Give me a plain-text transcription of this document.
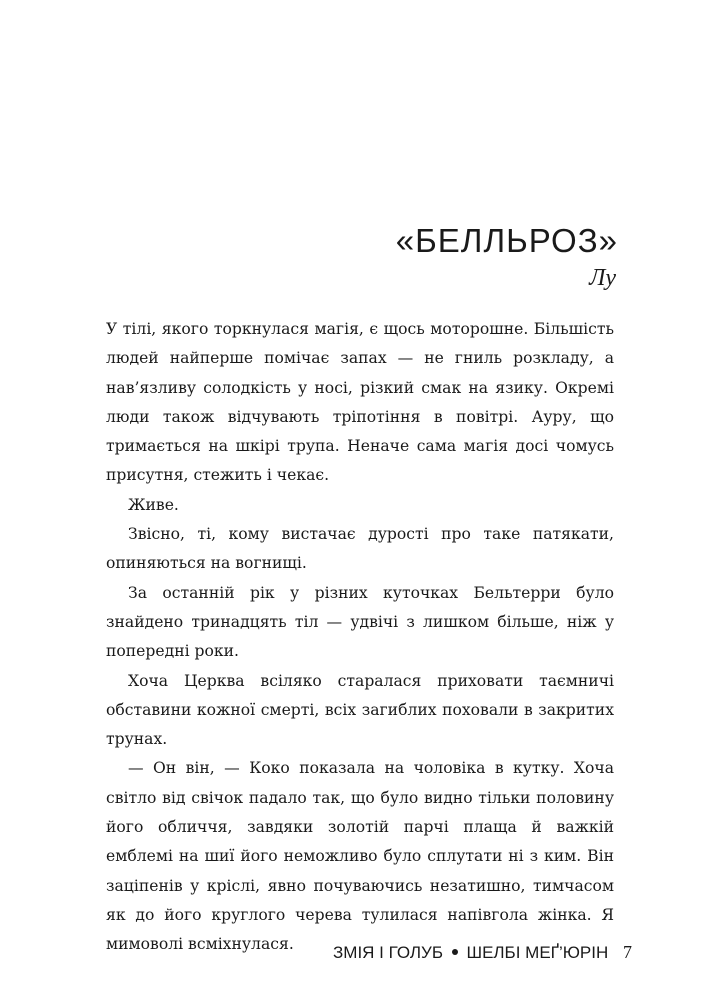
«БЕЛЛЬРОЗ»
Лу

У тілі, якого торкнулася магія, є щось моторошне. Більшість людей найперше помічає запах — не гниль розкладу, а нав’язливу солодкість у носі, різкий смак на язику. Окремі люди також відчувають тріпотіння в повітрі. Ауру, що тримається на шкірі трупа. Неначе сама магія досі чомусь присутня, стежить і чекає.

Живе.

Звісно, ті, кому вистачає дурості про таке патякати, опиняються на вогнищі.

За останній рік у різних куточках Бельтерри було знайдено тринадцять тіл — удвічі з лишком більше, ніж у попередні роки.

Хоча Церква всіляко старалася приховати таємничі обставини кожної смерті, всіх загиблих поховали в закритих трунах.

— Он він, — Коко показала на чоловіка в кутку. Хоча світло від свічок падало так, що було видно тільки половину його обличчя, завдяки золотій парчі плаща й важкій емблемі на шиї його неможливо було сплутати ні з ким. Він заціпенів у кріслі, явно почуваючись незатишно, тимчасом як до його круглого черева тулилася напівгола жінка. Я мимоволі всміхнулася.	ЗМІЯ І ГОЛУБ ШЕЛБІ МЕҐ’ЮРІН 7
